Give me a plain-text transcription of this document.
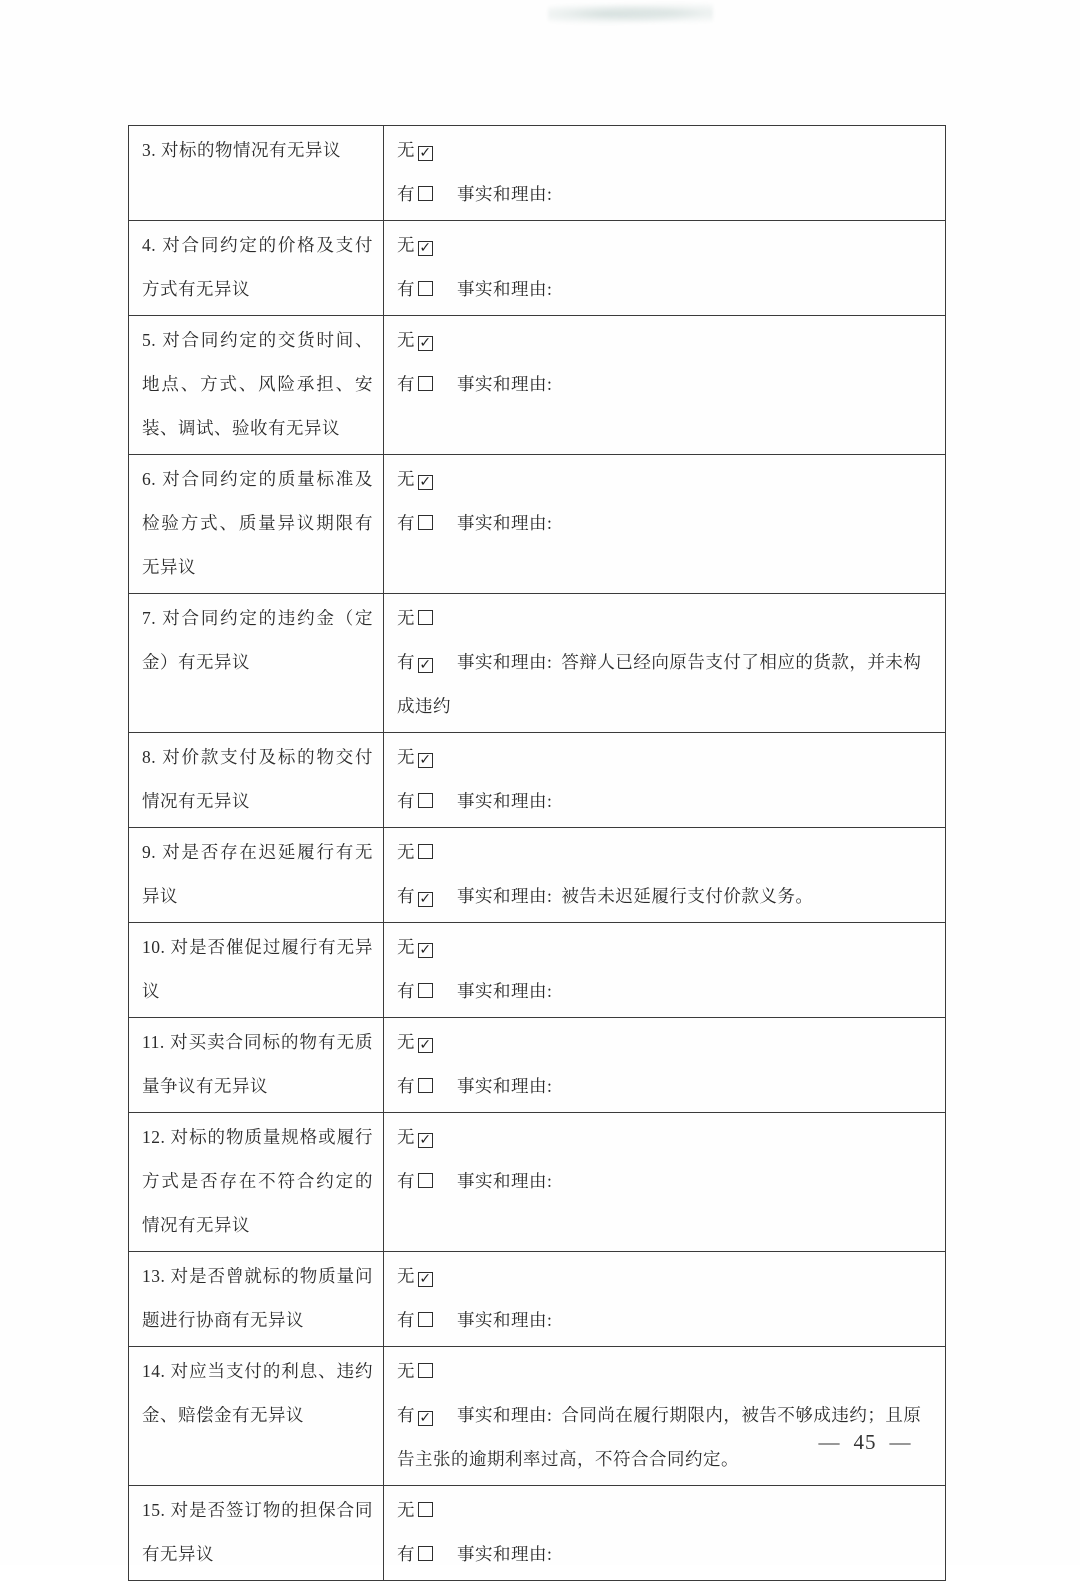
3. 对标的物情况有无异议	无 ✓

有 事实和理由:

4. 对合同约定的价格及支付方式有无异议	无 ✓

有 事实和理由:

5. 对合同约定的交货时间、地点、方式、风险承担、安装、调试、验收有无异议	无 ✓

有 事实和理由:

6. 对合同约定的质量标准及检验方式、质量异议期限有无异议	无 ✓

有 事实和理由:

7. 对合同约定的违约金（定金）有无异议	无

有 ✓ 事实和理由: 答辩人已经向原告支付了相应的货款，并未构成违约

8. 对价款支付及标的物交付情况有无异议	无 ✓

有 事实和理由:

9. 对是否存在迟延履行有无异议	无

有 ✓ 事实和理由: 被告未迟延履行支付价款义务。

10. 对是否催促过履行有无异议	无 ✓

有 事实和理由:

11. 对买卖合同标的物有无质量争议有无异议	无 ✓

有 事实和理由:

12. 对标的物质量规格或履行方式是否存在不符合约定的情况有无异议	无 ✓

有 事实和理由:

13. 对是否曾就标的物质量问题进行协商有无异议	无 ✓

有 事实和理由:

14. 对应当支付的利息、违约金、赔偿金有无异议	无

有 ✓ 事实和理由: 合同尚在履行期限内，被告不够成违约；且原告主张的逾期利率过高，不符合合同约定。

15. 对是否签订物的担保合同有无异议	无

有 事实和理由:

— 45 —
